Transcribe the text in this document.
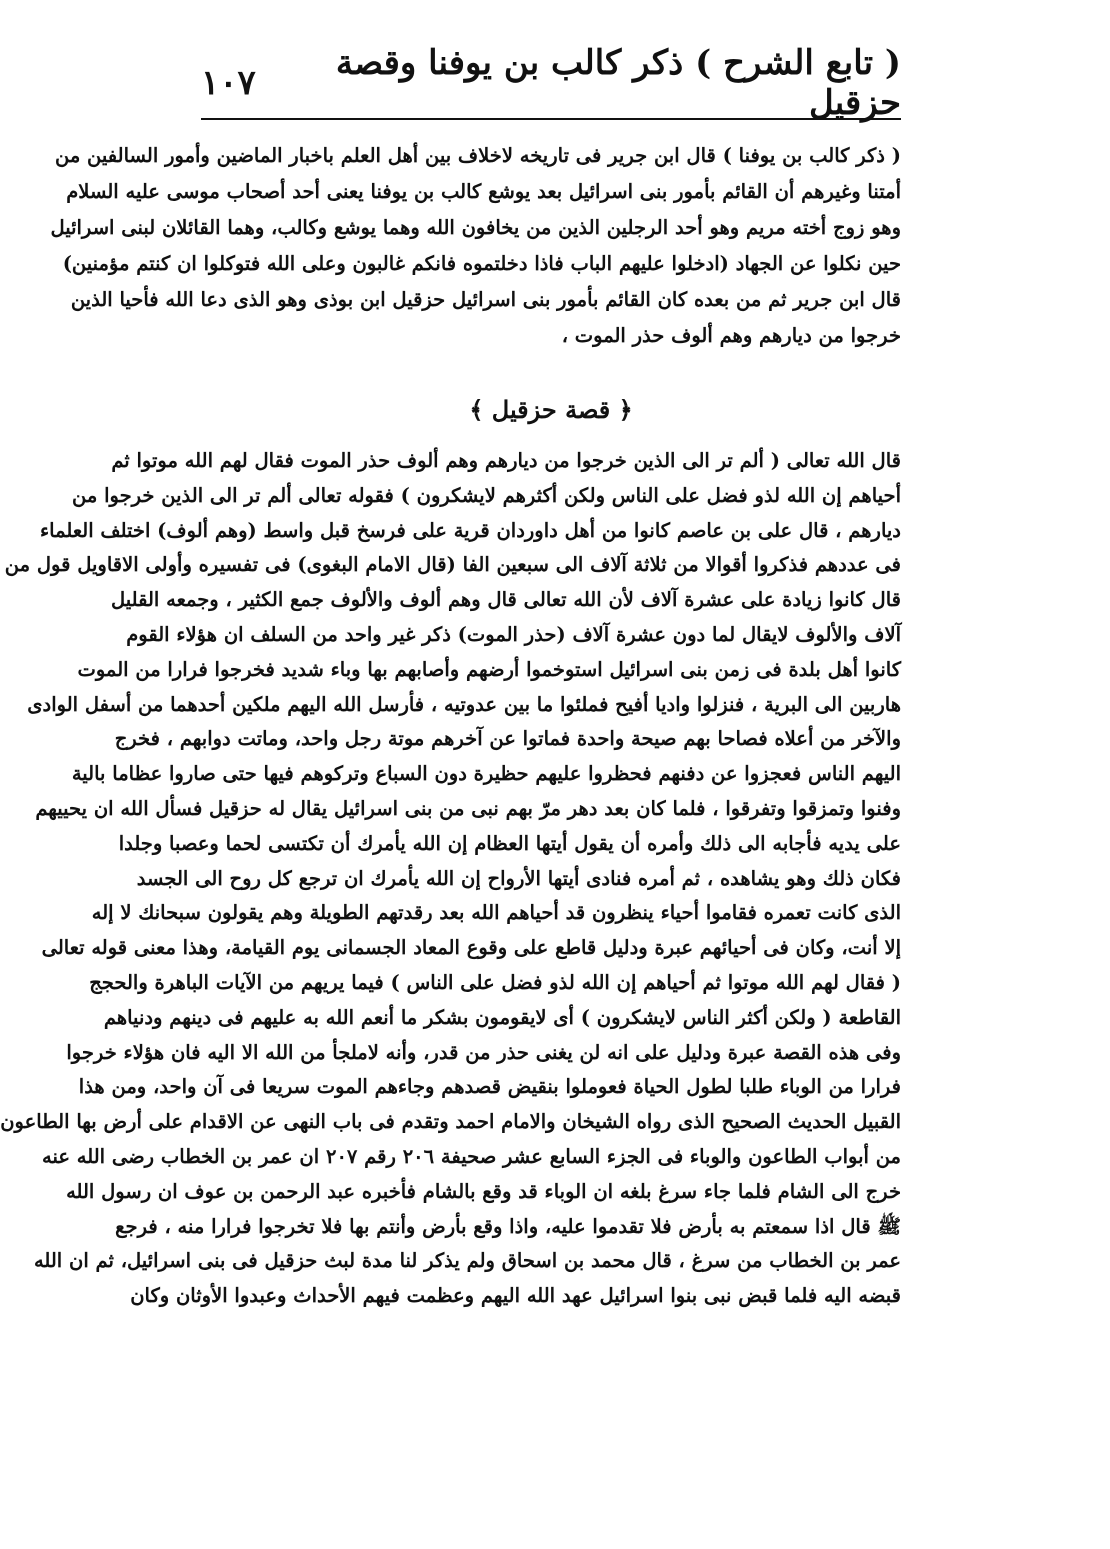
( تابع الشرح ) ذكر كالب بن يوفنا وقصة حزقيل
١٠٧
( ذكر كالب بن يوفنا ) قال ابن جرير فى تاريخه لاخلاف بين أهل العلم باخبار الماضين وأمور السالفين من
أمتنا وغيرهم أن القائم بأمور بنى اسرائيل بعد يوشع كالب بن يوفنا يعنى أحد أصحاب موسى عليه السلام
وهو زوج أخته مريم وهو أحد الرجلين الذين من يخافون الله وهما يوشع وكالب، وهما القائلان لبنى اسرائيل
حين نكلوا عن الجهاد (ادخلوا عليهم الباب فاذا دخلتموه فانكم غالبون وعلى الله فتوكلوا ان كنتم مؤمنين)
قال ابن جرير ثم من بعده كان القائم بأمور بنى اسرائيل حزقيل ابن بوذى وهو الذى دعا الله فأحيا الذين
خرجوا من ديارهم وهم ألوف حذر الموت ،
﴿ قصة حزقيل ﴾
قال الله تعالى ( ألم تر الى الذين خرجوا من ديارهم وهم ألوف حذر الموت فقال لهم الله موتوا ثم
أحياهم إن الله لذو فضل على الناس ولكن أكثرهم لايشكرون ) فقوله تعالى ألم تر الى الذين خرجوا من
ديارهم ، قال على بن عاصم كانوا من أهل داوردان قرية على فرسخ قبل واسط (وهم ألوف) اختلف العلماء
فى عددهم فذكروا أقوالا من ثلاثة آلاف الى سبعين الفا (قال الامام البغوى) فى تفسيره وأولى الاقاويل قول من
قال كانوا زيادة على عشرة آلاف لأن الله تعالى قال وهم ألوف والألوف جمع الكثير ، وجمعه القليل
آلاف والألوف لايقال لما دون عشرة آلاف (حذر الموت) ذكر غير واحد من السلف ان هؤلاء القوم
كانوا أهل بلدة فى زمن بنى اسرائيل استوخموا أرضهم وأصابهم بها وباء شديد فخرجوا فرارا من الموت
هاربين الى البرية ، فنزلوا واديا أفيح فملئوا ما بين عدوتيه ، فأرسل الله اليهم ملكين أحدهما من أسفل الوادى
والآخر من أعلاه فصاحا بهم صيحة واحدة فماتوا عن آخرهم موتة رجل واحد، وماتت دوابهم ، فخرج
اليهم الناس فعجزوا عن دفنهم فحظروا عليهم حظيرة دون السباع وتركوهم فيها حتى صاروا عظاما بالية
وفنوا وتمزقوا وتفرقوا ، فلما كان بعد دهر مرّ بهم نبى من بنى اسرائيل يقال له حزقيل فسأل الله ان يحييهم
على يديه فأجابه الى ذلك وأمره أن يقول أيتها العظام إن الله يأمرك أن تكتسى لحما وعصبا وجلدا
فكان ذلك وهو يشاهده ، ثم أمره فنادى أيتها الأرواح إن الله يأمرك ان ترجع كل روح الى الجسد
الذى كانت تعمره فقاموا أحياء ينظرون قد أحياهم الله بعد رقدتهم الطويلة وهم يقولون سبحانك لا إله
إلا أنت، وكان فى أحيائهم عبرة ودليل قاطع على وقوع المعاد الجسمانى يوم القيامة، وهذا معنى قوله تعالى
( فقال لهم الله موتوا ثم أحياهم إن الله لذو فضل على الناس ) فيما يريهم من الآيات الباهرة والحجج
القاطعة ( ولكن أكثر الناس لايشكرون ) أى لايقومون بشكر ما أنعم الله به عليهم فى دينهم ودنياهم
وفى هذه القصة عبرة ودليل على انه لن يغنى حذر من قدر، وأنه لاملجأ من الله الا اليه فان هؤلاء خرجوا
فرارا من الوباء طلبا لطول الحياة فعوملوا بنقيض قصدهم وجاءهم الموت سريعا فى آن واحد، ومن هذا
القبيل الحديث الصحيح الذى رواه الشيخان والامام احمد وتقدم فى باب النهى عن الاقدام على أرض بها الطاعون
من أبواب الطاعون والوباء فى الجزء السابع عشر صحيفة ٢٠٦ رقم ٢٠٧ ان عمر بن الخطاب رضى الله عنه
خرج الى الشام فلما جاء سرغ بلغه ان الوباء قد وقع بالشام فأخبره عبد الرحمن بن عوف ان رسول الله
ﷺ قال اذا سمعتم به بأرض فلا تقدموا عليه، واذا وقع بأرض وأنتم بها فلا تخرجوا فرارا منه ، فرجع
عمر بن الخطاب من سرغ ، قال محمد بن اسحاق ولم يذكر لنا مدة لبث حزقيل فى بنى اسرائيل، ثم ان الله
قبضه اليه فلما قبض نبى بنوا اسرائيل عهد الله اليهم وعظمت فيهم الأحداث وعبدوا الأوثان وكان
